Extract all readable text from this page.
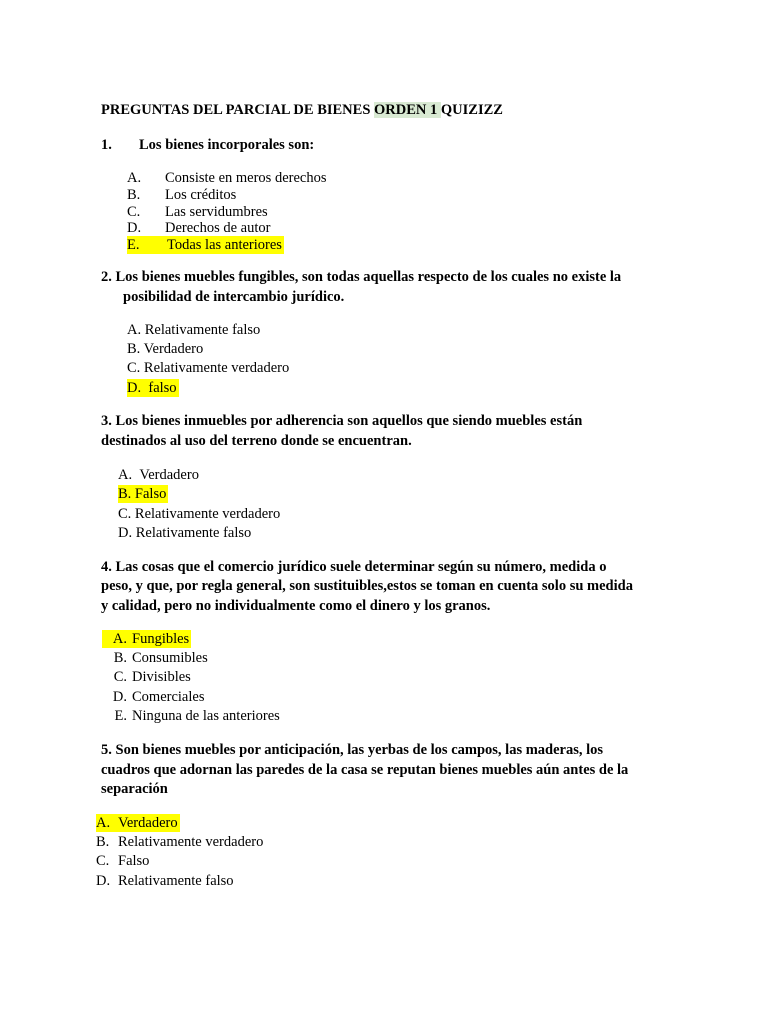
PREGUNTAS DEL PARCIAL DE BIENES ORDEN 1 QUIZIZZ
1. Los bienes incorporales son:
A. Consiste en meros derechos
B. Los créditos
C. Las servidumbres
D. Derechos de autor
E. Todas las anteriores
2. Los bienes muebles fungibles, son todas aquellas respecto de los cuales no existe la
posibilidad de intercambio jurídico.
A. Relativamente falso
B. Verdadero
C. Relativamente verdadero
D. falso
3. Los bienes inmuebles por adherencia son aquellos que siendo muebles están
destinados al uso del terreno donde se encuentran.
A. Verdadero
B. Falso
C. Relativamente verdadero
D. Relativamente falso
4. Las cosas que el comercio jurídico suele determinar según su número, medida o
peso, y que, por regla general, son sustituibles,estos se toman en cuenta solo su medida
y calidad, pero no individualmente como el dinero y los granos.
A. Fungibles
B. Consumibles
C. Divisibles
D. Comerciales
E. Ninguna de las anteriores
5. Son bienes muebles por anticipación, las yerbas de los campos, las maderas, los
cuadros que adornan las paredes de la casa se reputan bienes muebles aún antes de la
separación
A. Verdadero
B. Relativamente verdadero
C. Falso
D. Relativamente falso
